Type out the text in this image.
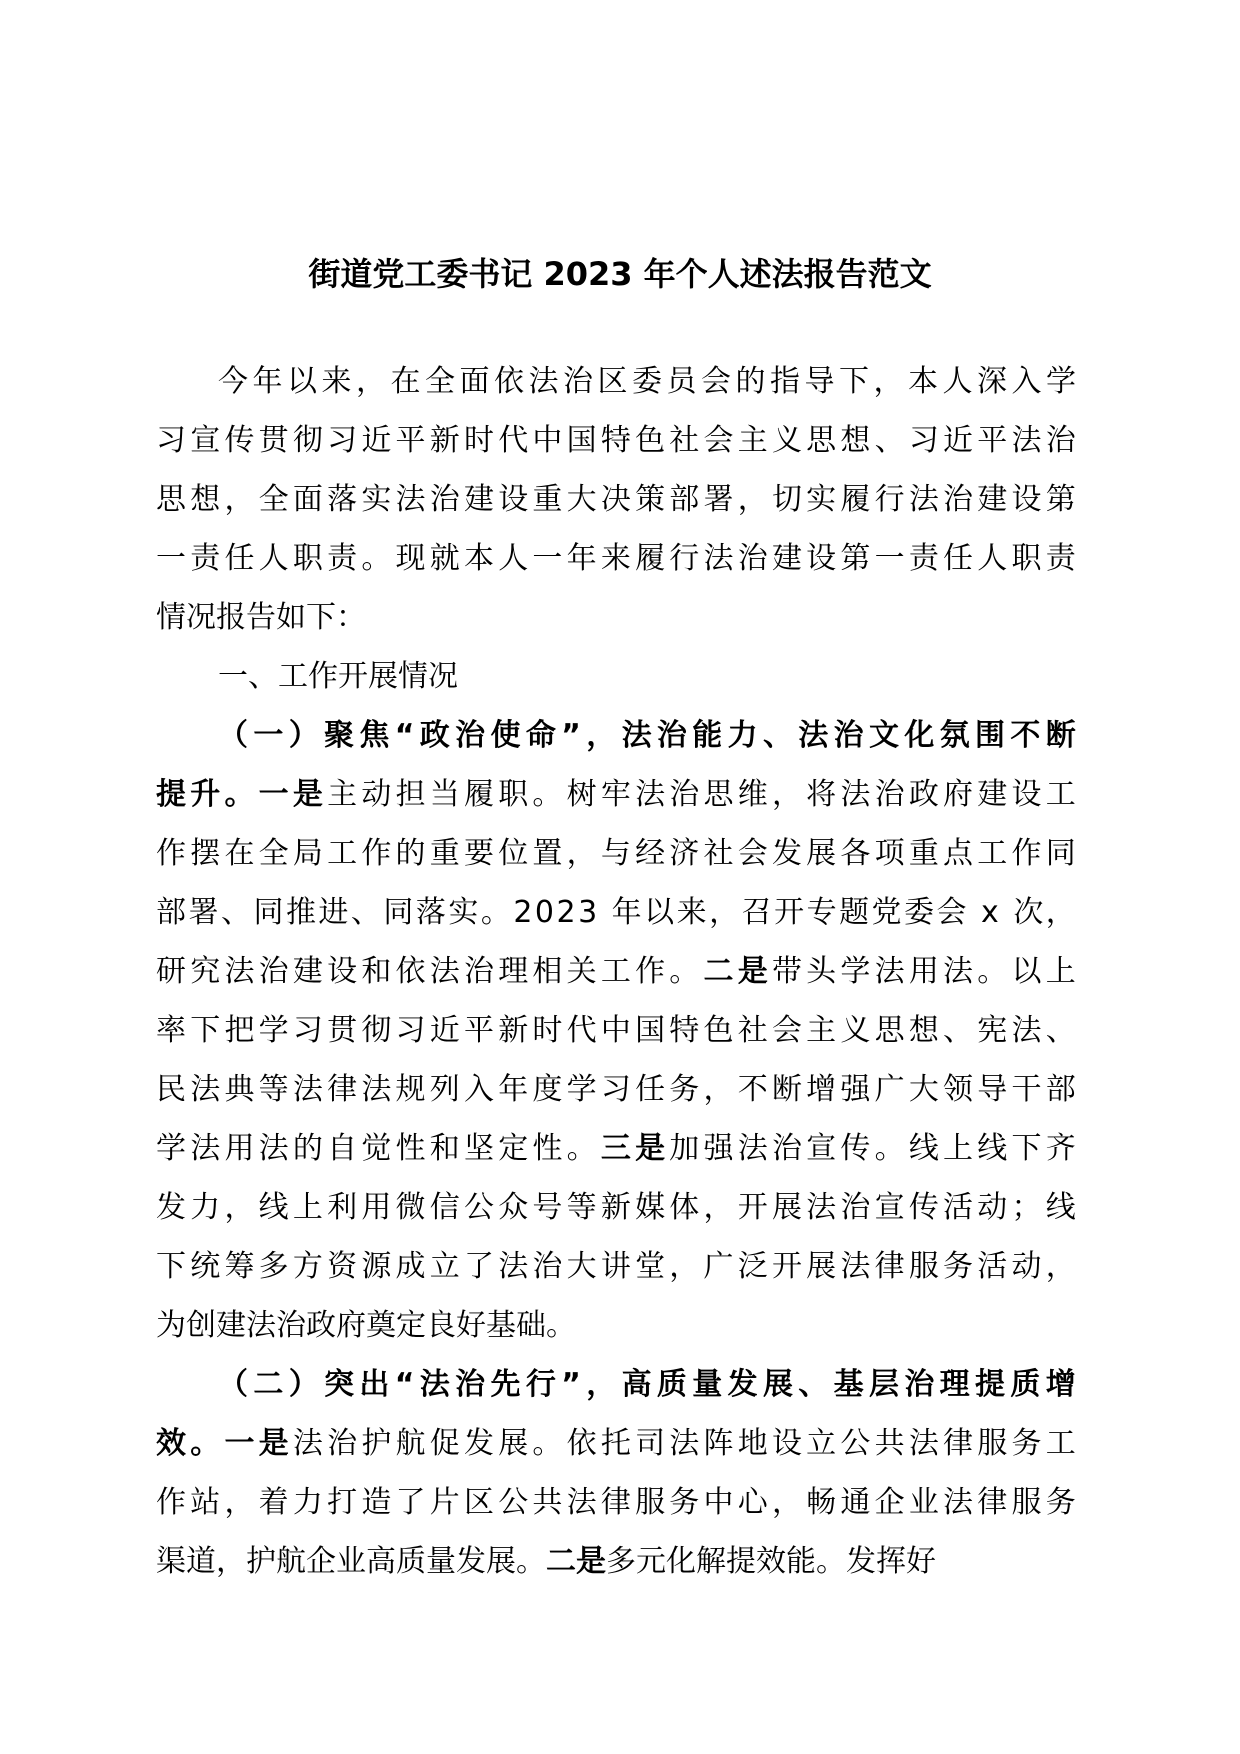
街道党工委书记 2023 年个人述法报告范文
今 年 以 来 ， 在 全 面 依 法 治 区 委 员 会 的 指 导 下 ， 本 人 深 入 学
习 宣 传 贯 彻 习 近 平 新 时 代 中 国 特 色 社 会 主 义 思 想 、 习 近 平 法 治
思 想 ， 全 面 落 实 法 治 建 设 重 大 决 策 部 署 ， 切 实 履 行 法 治 建 设 第
一 责 任 人 职 责 。 现 就 本 人 一 年 来 履 行 法 治 建 设 第 一 责 任 人 职 责
情 况 报 告 如 下 ：
一 、 工 作 开 展 情 况
（ 一 ） 聚 焦 “ 政 治 使 命 ” ， 法 治 能 力 、 法 治 文 化 氛 围 不 断
提 升 。 一 是 主 动 担 当 履 职 。 树 牢 法 治 思 维 ， 将 法 治 政 府 建 设 工
作 摆 在 全 局 工 作 的 重 要 位 置 ， 与 经 济 社 会 发 展 各 项 重 点 工 作 同
部 署 、 同 推 进 、 同 落 实 。 2 0 2 3
年 以 来 ， 召 开 专 题 党 委 会
x
次 ，
研 究 法 治 建 设 和 依 法 治 理 相 关 工 作 。 二 是 带 头 学 法 用 法 。 以 上
率 下 把 学 习 贯 彻 习 近 平 新 时 代 中 国 特 色 社 会 主 义 思 想 、 宪 法 、
民 法 典 等 法 律 法 规 列 入 年 度 学 习 任 务 ， 不 断 增 强 广 大 领 导 干 部
学 法 用 法 的 自 觉 性 和 坚 定 性 。 三 是 加 强 法 治 宣 传 。 线 上 线 下 齐
发 力 ， 线 上 利 用 微 信 公 众 号 等 新 媒 体 ， 开 展 法 治 宣 传 活 动 ； 线
下 统 筹 多 方 资 源 成 立 了 法 治 大 讲 堂 ， 广 泛 开 展 法 律 服 务 活 动 ，
为 创 建 法 治 政 府 奠 定 良 好 基 础 。
（ 二 ） 突 出 “ 法 治 先 行 ” ， 高 质 量 发 展 、 基 层 治 理 提 质 增
效 。 一 是 法 治 护 航 促 发 展 。 依 托 司 法 阵 地 设 立 公 共 法 律 服 务 工
作 站 ， 着 力 打 造 了 片 区 公 共 法 律 服 务 中 心 ， 畅 通 企 业 法 律 服 务
渠 道 ， 护 航 企 业 高 质 量 发 展 。 二 是 多 元 化 解 提 效 能 。 发 挥 好
